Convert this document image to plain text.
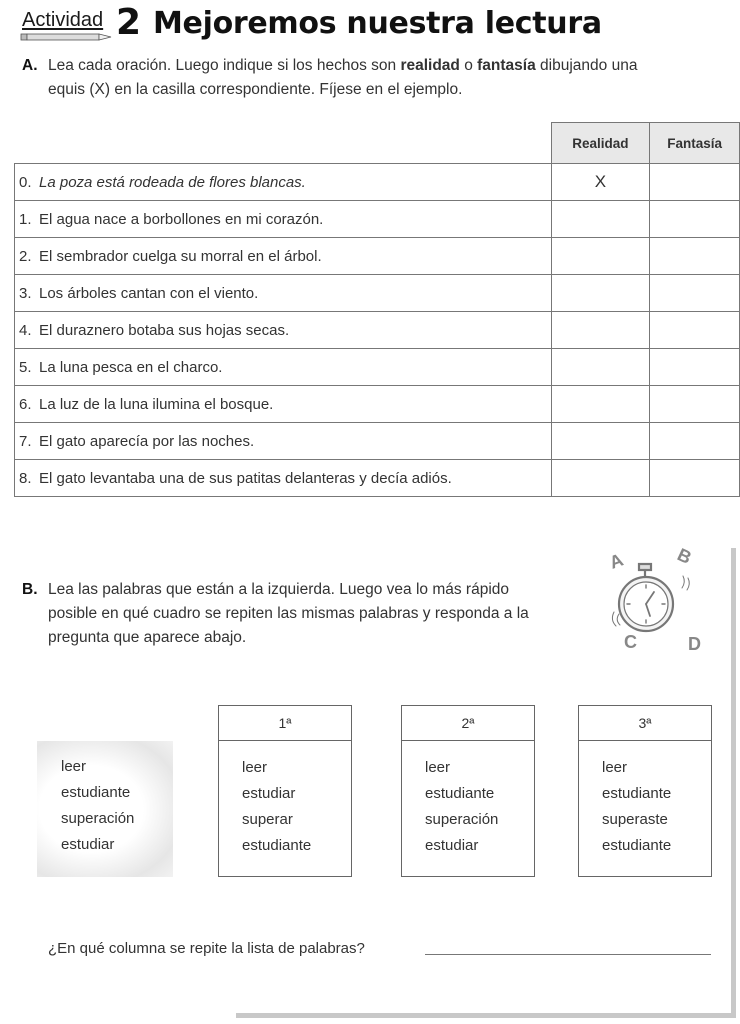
Actividad 2 Mejoremos nuestra lectura
A. Lea cada oración. Luego indique si los hechos son realidad o fantasía dibujando una
equis (X) en la casilla correspondiente. Fíjese en el ejemplo.
	Realidad	Fantasía
0. La poza está rodeada de flores blancas.	X	
1. El agua nace a borbollones en mi corazón.		
2. El sembrador cuelga su morral en el árbol.		
3. Los árboles cantan con el viento.		
4. El duraznero botaba sus hojas secas.		
5. La luna pesca en el charco.		
6. La luz de la luna ilumina el bosque.		
7. El gato aparecía por las noches.		
8. El gato levantaba una de sus patitas delanteras y decía adiós.		
B. Lea las palabras que están a la izquierda. Luego vea lo más rápido
posible en qué cuadro se repiten las mismas palabras y responda a la
pregunta que aparece abajo.
A	B
C	D
leer
estudiante
superación
estudiar
1ª
leer
estudiar
superar
estudiante
2ª
leer
estudiante
superación
estudiar
3ª
leer
estudiante
superaste
estudiante
¿En qué columna se repite la lista de palabras?
